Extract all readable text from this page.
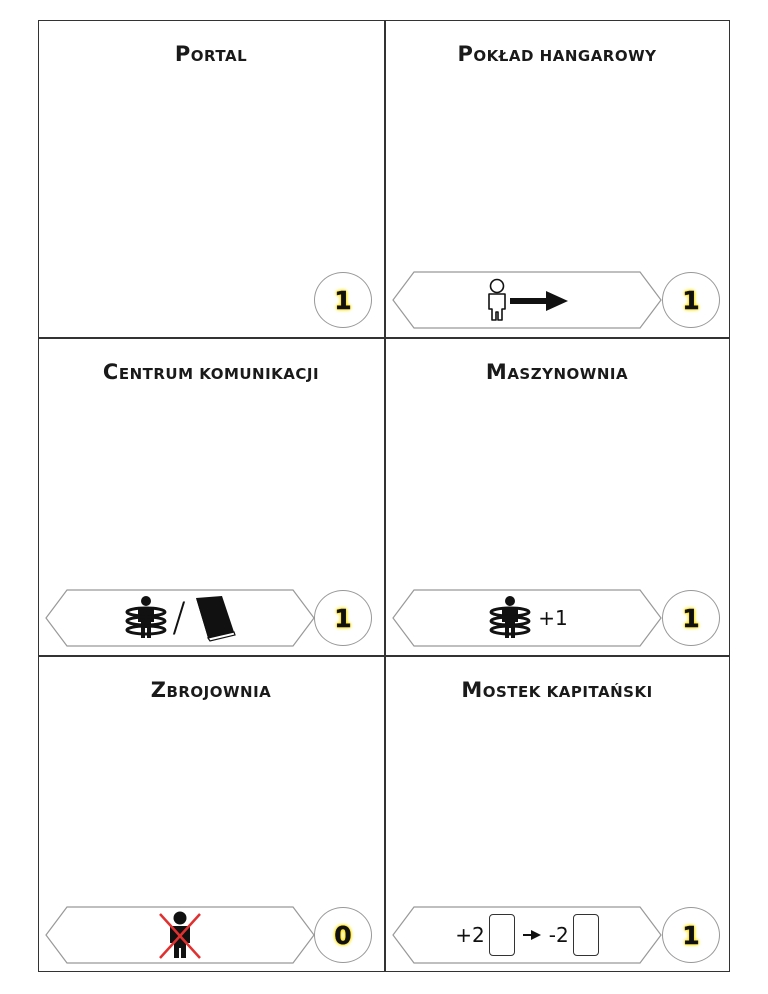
PORTAL
1
POKŁAD HANGAROWY
1
CENTRUM KOMUNIKACJI
/	1
MASZYNOWNIA
+1	1
ZBROJOWNIA
0
MOSTEK KAPITAŃSKI
+2	-2	1
